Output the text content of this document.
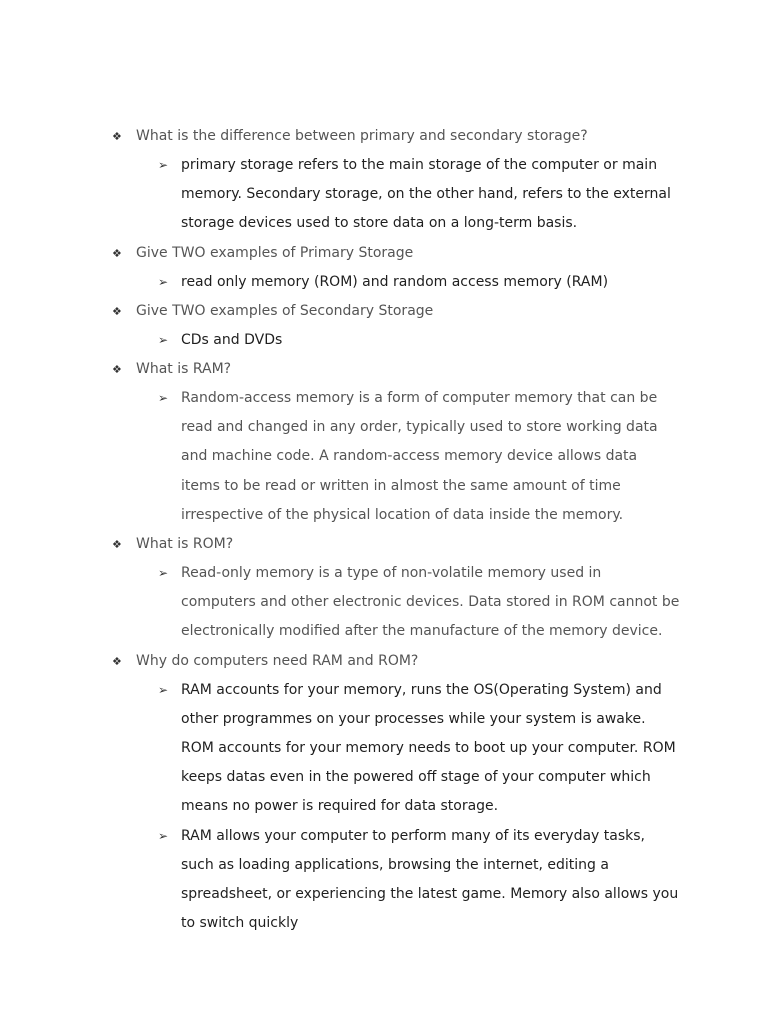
❖ What is the difference between primary and secondary storage?
➢ primary storage refers to the main storage of the computer or main memory. Secondary storage, on the other hand, refers to the external storage devices used to store data on a long-term basis.
❖ Give TWO examples of Primary Storage
➢ read only memory (ROM) and random access memory (RAM)
❖ Give TWO examples of Secondary Storage
➢ CDs and DVDs
❖ What is RAM?
➢ Random-access memory is a form of computer memory that can be read and changed in any order, typically used to store working data and machine code. A random-access memory device allows data items to be read or written in almost the same amount of time irrespective of the physical location of data inside the memory.
❖ What is ROM?
➢ Read-only memory is a type of non-volatile memory used in computers and other electronic devices. Data stored in ROM cannot be electronically modified after the manufacture of the memory device.
❖ Why do computers need RAM and ROM?
➢ RAM accounts for your memory, runs the OS(Operating System) and other programmes on your processes while your system is awake. ROM accounts for your memory needs to boot up your computer. ROM keeps datas even in the powered off stage of your computer which means no power is required for data storage.
➢ RAM allows your computer to perform many of its everyday tasks, such as loading applications, browsing the internet, editing a spreadsheet, or experiencing the latest game. Memory also allows you to switch quickly
